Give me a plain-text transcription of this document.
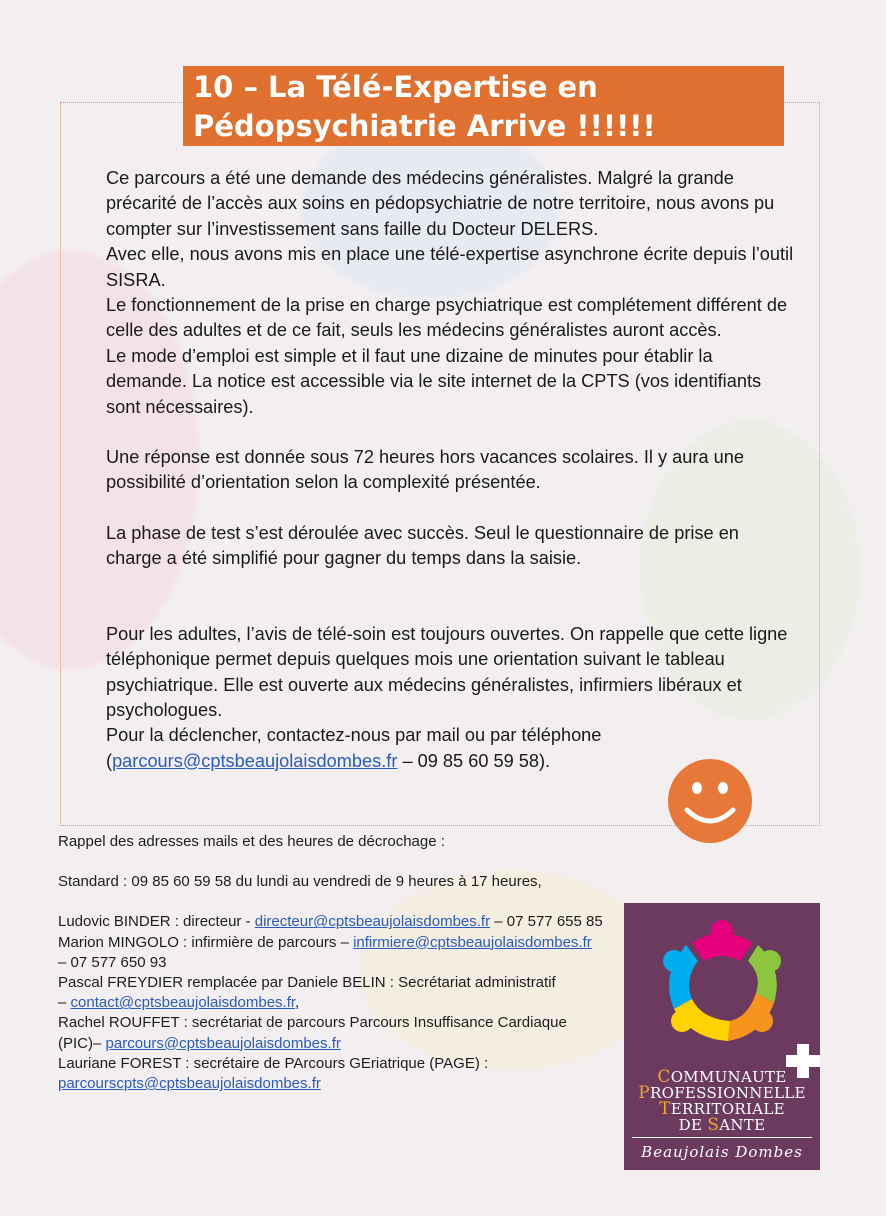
10 – La Télé-Expertise en
Pédopsychiatrie Arrive !!!!!!

Ce parcours a été une demande des médecins généralistes. Malgré la grande précarité de l’accès aux soins en pédopsychiatrie de notre territoire, nous avons pu compter sur l’investissement sans faille du Docteur DELERS.

Avec elle, nous avons mis en place une télé-expertise asynchrone écrite depuis l’outil SISRA.

Le fonctionnement de la prise en charge psychiatrique est complétement différent de celle des adultes et de ce fait, seuls les médecins généralistes auront accès.

Le mode d’emploi est simple et il faut une dizaine de minutes pour établir la demande. La notice est accessible via le site internet de la CPTS (vos identifiants sont nécessaires).

Une réponse est donnée sous 72 heures hors vacances scolaires. Il y aura une possibilité d’orientation selon la complexité présentée.

La phase de test s’est déroulée avec succès. Seul le questionnaire de prise en charge a été simplifié pour gagner du temps dans la saisie.

Pour les adultes, l’avis de télé-soin est toujours ouvertes. On rappelle que cette ligne téléphonique permet depuis quelques mois une orientation suivant le tableau psychiatrique. Elle est ouverte aux médecins généralistes, infirmiers libéraux et psychologues.

Pour la déclencher, contactez-nous par mail ou par téléphone (parcours@cptsbeaujolaisdombes.fr – 09 85 60 59 58).

Rappel des adresses mails et des heures de décrochage :

Standard : 09 85 60 59 58 du lundi au vendredi de 9 heures à 17 heures,

Ludovic BINDER : directeur - directeur@cptsbeaujolaisdombes.fr – 07 577 655 85

Marion MINGOLO : infirmière de parcours – infirmiere@cptsbeaujolaisdombes.fr – 07 577 650 93

Pascal FREYDIER remplacée par Daniele BELIN : Secrétariat administratif – contact@cptsbeaujolaisdombes.fr,

Rachel ROUFFET : secrétariat de parcours Parcours Insuffisance Cardiaque (PIC)– parcours@cptsbeaujolaisdombes.fr

Lauriane FOREST : secrétaire de PArcours GEriatrique (PAGE) : parcourscpts@cptsbeaujolaisdombes.fr	COMMUNAUTE
PROFESSIONNELLE
TERRITORIALE
DE SANTE
Beaujolais Dombes
